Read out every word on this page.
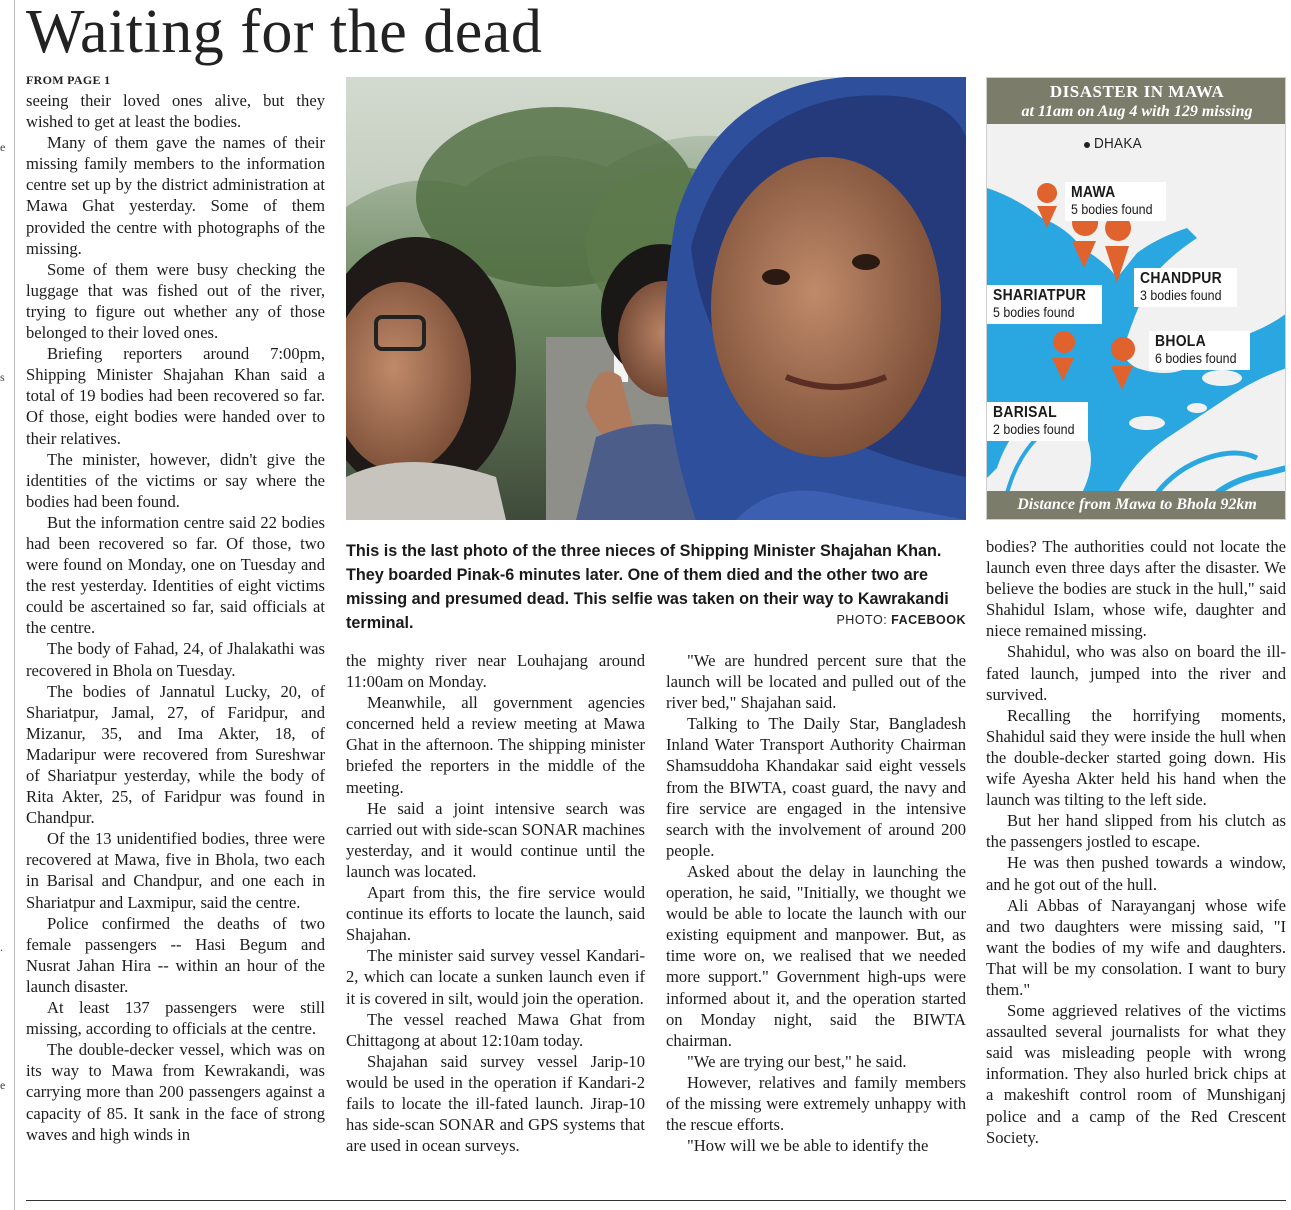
e
s
.
e
Waiting for the dead
FROM PAGE 1

seeing their loved ones alive, but they wished to get at least the bodies.

Many of them gave the names of their missing family members to the information centre set up by the district administration at Mawa Ghat yesterday. Some of them provided the centre with photographs of the missing.

Some of them were busy checking the luggage that was fished out of the river, trying to figure out whether any of those belonged to their loved ones.

Briefing reporters around 7:00pm, Shipping Minister Shajahan Khan said a total of 19 bodies had been recovered so far. Of those, eight bodies were handed over to their relatives.

The minister, however, didn't give the identities of the victims or say where the bodies had been found.

But the information centre said 22 bodies had been recovered so far. Of those, two were found on Monday, one on Tuesday and the rest yesterday. Identities of eight victims could be ascertained so far, said officials at the centre.

The body of Fahad, 24, of Jhalakathi was recovered in Bhola on Tuesday.

The bodies of Jannatul Lucky, 20, of Shariatpur, Jamal, 27, of Faridpur, and Mizanur, 35, and Ima Akter, 18, of Madaripur were recovered from Sureshwar of Shariatpur yesterday, while the body of Rita Akter, 25, of Faridpur was found in Chandpur.

Of the 13 unidentified bodies, three were recovered at Mawa, five in Bhola, two each in Barisal and Chandpur, and one each in Shariatpur and Laxmipur, said the centre.

Police confirmed the deaths of two female passengers -- Hasi Begum and Nusrat Jahan Hira -- within an hour of the launch disaster.

At least 137 passengers were still missing, according to officials at the centre.

The double-decker vessel, which was on its way to Mawa from Kewrakandi, was carrying more than 200 passengers against a capacity of 85. It sank in the face of strong waves and high winds in

This is the last photo of the three nieces of Shipping Minister Shajahan Khan. They boarded Pinak-6 minutes later. One of them died and the other two are missing and presumed dead. This selfie was taken on their way to Kawrakandi terminal.	PHOTO: FACEBOOK
DISASTER IN MAWA
at 11am on Aug 4 with 129 missing
Distance from Mawa to Bhola 92km
DHAKA
MAWA
5 bodies found
CHANDPUR
3 bodies found
SHARIATPUR
5 bodies found
BHOLA
6 bodies found
BARISAL
2 bodies found

the mighty river near Louhajang around 11:00am on Monday.

Meanwhile, all government agencies concerned held a review meeting at Mawa Ghat in the afternoon. The shipping minister briefed the reporters in the middle of the meeting.

He said a joint intensive search was carried out with side-scan SONAR machines yesterday, and it would continue until the launch was located.

Apart from this, the fire service would continue its efforts to locate the launch, said Shajahan.

The minister said survey vessel Kandari-2, which can locate a sunken launch even if it is covered in silt, would join the operation.

The vessel reached Mawa Ghat from Chittagong at about 12:10am today.

Shajahan said survey vessel Jarip-10 would be used in the operation if Kandari-2 fails to locate the ill-fated launch. Jirap-10 has side-scan SONAR and GPS systems that are used in ocean surveys.

"We are hundred percent sure that the launch will be located and pulled out of the river bed," Shajahan said.

Talking to The Daily Star, Bangladesh Inland Water Transport Authority Chairman Shamsuddoha Khandakar said eight vessels from the BIWTA, coast guard, the navy and fire service are engaged in the intensive search with the involvement of around 200 people.

Asked about the delay in launching the operation, he said, "Initially, we thought we would be able to locate the launch with our existing equipment and manpower. But, as time wore on, we realised that we needed more support." Government high-ups were informed about it, and the operation started on Monday night, said the BIWTA chairman.

"We are trying our best," he said.

However, relatives and family members of the missing were extremely unhappy with the rescue efforts.

"How will we be able to identify the

bodies? The authorities could not locate the launch even three days after the disaster. We believe the bodies are stuck in the hull," said Shahidul Islam, whose wife, daughter and niece remained missing.

Shahidul, who was also on board the ill-fated launch, jumped into the river and survived.

Recalling the horrifying moments, Shahidul said they were inside the hull when the double-decker started going down. His wife Ayesha Akter held his hand when the launch was tilting to the left side.

But her hand slipped from his clutch as the passengers jostled to escape.

He was then pushed towards a window, and he got out of the hull.

Ali Abbas of Narayanganj whose wife and two daughters were missing said, "I want the bodies of my wife and daughters. That will be my consolation. I want to bury them."

Some aggrieved relatives of the victims assaulted several journalists for what they said was misleading people with wrong information. They also hurled brick chips at a makeshift control room of Munshiganj police and a camp of the Red Crescent Society.
